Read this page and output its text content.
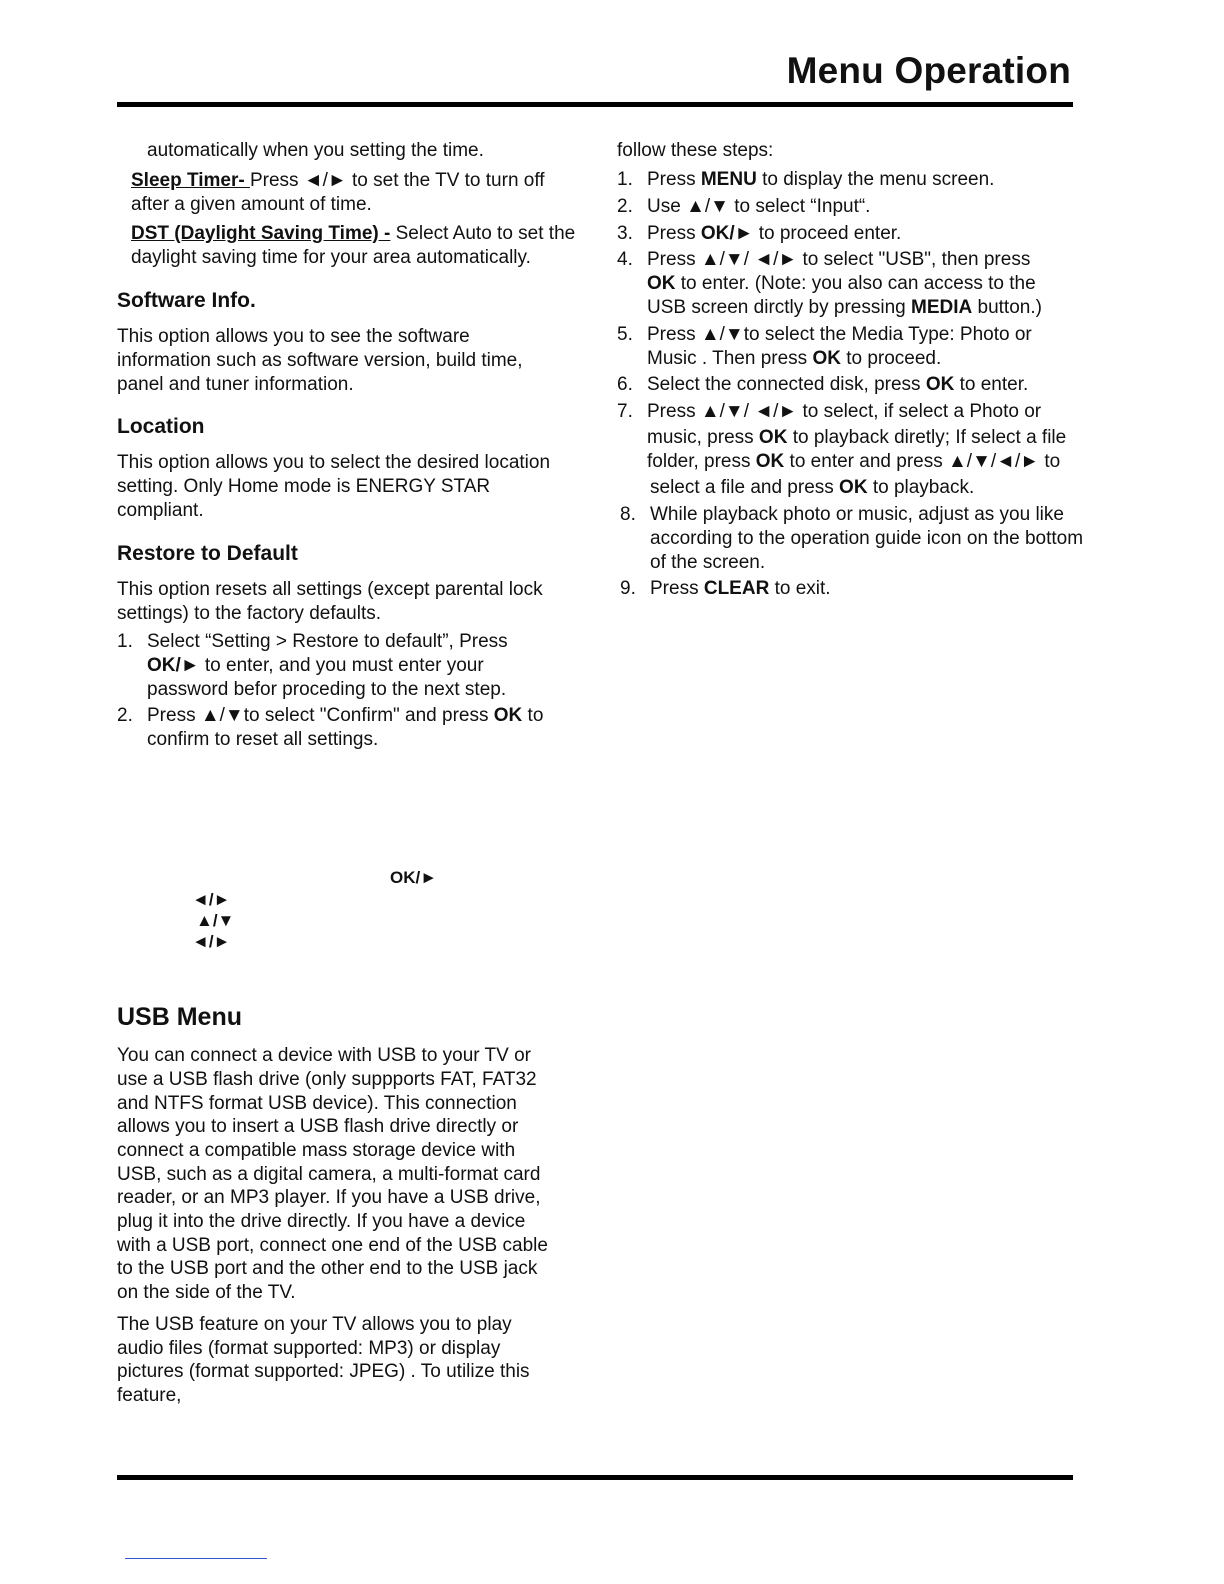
Menu Operation
automatically when you setting the time.
Sleep Timer- Press ◄/► to set the TV to turn off
after a given amount of time.
DST (Daylight Saving Time) - Select Auto to set the
daylight saving time for your area automatically.
Software Info.
This option allows you to see the software
information such as software version, build time,
panel and tuner information.
Location
This option allows you to select the desired location
setting. Only Home mode is ENERGY STAR
compliant.
Restore to Default
This option resets all settings (except parental lock
settings) to the factory defaults.
1. Select “Setting > Restore to default”, Press
OK/► to enter, and you must enter your
password befor proceding to the next step.
2. Press ▲/▼to select "Confirm" and press OK to
confirm to reset all settings.
OK/►
◄/►
▲/▼
◄/►
USB Menu
You can connect a device with USB to your TV or
use a USB flash drive (only suppports FAT, FAT32
and NTFS format USB device). This connection
allows you to insert a USB flash drive directly or
connect a compatible mass storage device with
USB, such as a digital camera, a multi-format card
reader, or an MP3 player. If you have a USB drive,
plug it into the drive directly. If you have a device
with a USB port, connect one end of the USB cable
to the USB port and the other end to the USB jack
on the side of the TV.
The USB feature on your TV allows you to play
audio files (format supported: MP3) or display
pictures (format supported: JPEG) . To utilize this
feature,
follow these steps:
1. Press MENU to display the menu screen.
2. Use ▲/▼ to select “Input“.
3. Press OK/► to proceed enter.
4. Press ▲/▼/ ◄/► to select "USB", then press
OK to enter. (Note: you also can access to the
USB screen dirctly by pressing MEDIA button.)
5. Press ▲/▼to select the Media Type: Photo or
Music . Then press OK to proceed.
6. Select the connected disk, press OK to enter.
7. Press ▲/▼/ ◄/► to select, if select a Photo or
music, press OK to playback diretly; If select a file
folder, press OK to enter and press ▲/▼/◄/► to
select a file and press OK to playback.
8. While playback photo or music, adjust as you like
according to the operation guide icon on the bottom
of the screen.
9. Press CLEAR to exit.
